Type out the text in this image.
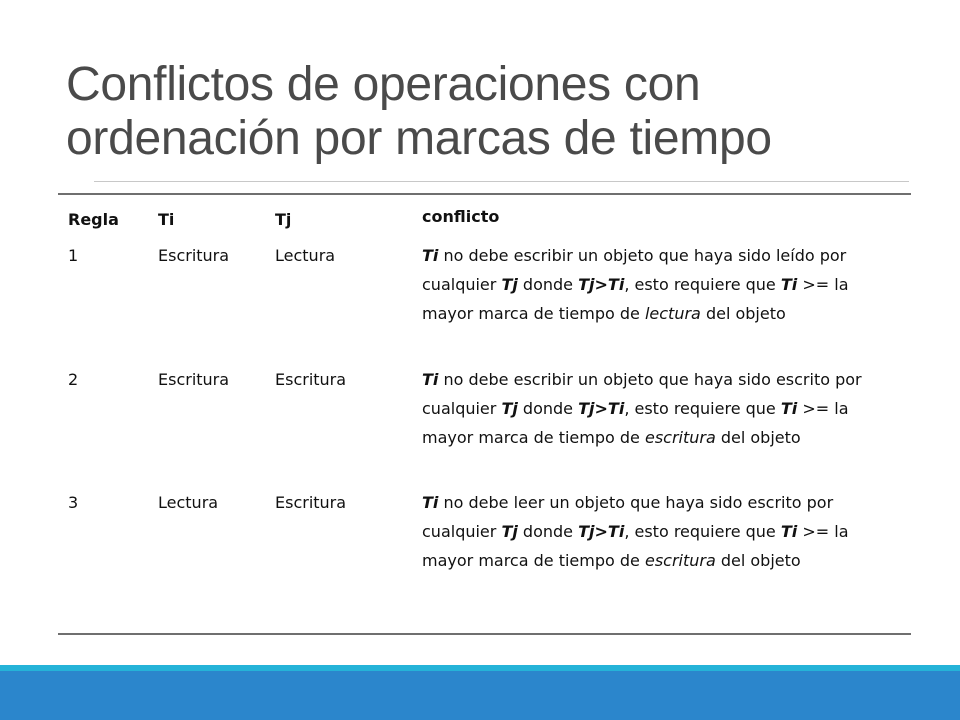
Conflictos de operaciones con ordenación por marcas de tiempo
Regla	Ti	Tj	conflicto
1	Escritura	Lectura	Ti no debe escribir un objeto que haya sido leído por cualquier Tj donde Tj>Ti, esto requiere que Ti >= la mayor marca de tiempo de lectura del objeto
2	Escritura	Escritura	Ti no debe escribir un objeto que haya sido escrito por cualquier Tj donde Tj>Ti, esto requiere que Ti >= la mayor marca de tiempo de escritura del objeto
3	Lectura	Escritura	Ti no debe leer un objeto que haya sido escrito por cualquier Tj donde Tj>Ti, esto requiere que Ti >= la mayor marca de tiempo de escritura del objeto
